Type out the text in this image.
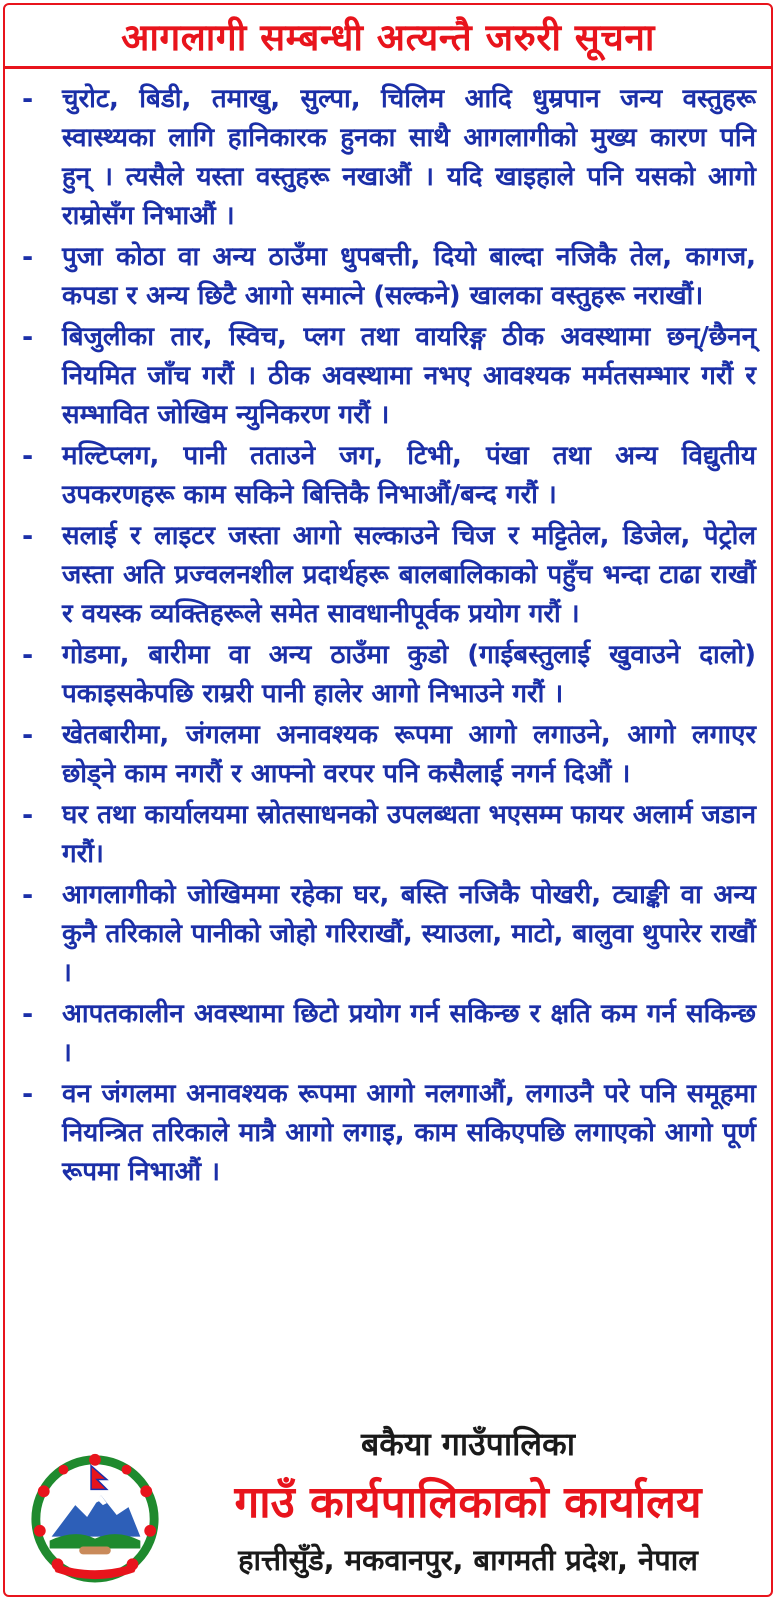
आगलागी सम्बन्धी अत्यन्तै जरुरी सूचना
-	चुरोट, बिडी, तमाखु, सुल्पा, चिलिम आदि धुम्रपान जन्य वस्तुहरू स्वास्थ्यका लागि हानिकारक हुनका साथै आगलागीको मुख्य कारण पनि हुन् । त्यसैले यस्ता वस्तुहरू नखाऔं । यदि खाइहाले पनि यसको आगो राम्रोसँग निभाऔं ।
-	पुजा कोठा वा अन्य ठाउँमा धुपबत्ती, दियो बाल्दा नजिकै तेल, कागज, कपडा र अन्य छिटै आगो समात्ने (सल्कने) खालका वस्तुहरू नराखौं।
-	बिजुलीका तार, स्विच, प्लग तथा वायरिङ्ग ठीक अवस्थामा छन्/छैनन् नियमित जाँच गरौं । ठीक अवस्थामा नभए आवश्यक मर्मतसम्भार गरौं र सम्भावित जोखिम न्युनिकरण गरौं ।
-	मल्टिप्लग, पानी तताउने जग, टिभी, पंखा तथा अन्य विद्युतीय उपकरणहरू काम सकिने बित्तिकै निभाऔं/बन्द गरौं ।
-	सलाई र लाइटर जस्ता आगो सल्काउने चिज र मट्टितेल, डिजेल, पेट्रोल जस्ता अति प्रज्वलनशील प्रदार्थहरू बालबालिकाको पहुँच भन्दा टाढा राखौं र वयस्क व्यक्तिहरूले समेत सावधानीपूर्वक प्रयोग गरौं ।
-	गोडमा, बारीमा वा अन्य ठाउँमा कुडो (गाईबस्तुलाई खुवाउने दालो) पकाइसकेपछि राम्ररी पानी हालेर आगो निभाउने गरौं ।
-	खेतबारीमा, जंगलमा अनावश्यक रूपमा आगो लगाउने, आगो लगाएर छोड्ने काम नगरौं र आफ्नो वरपर पनि कसैलाई नगर्न दिऔं ।
-	घर तथा कार्यालयमा स्रोतसाधनको उपलब्धता भएसम्म फायर अलार्म जडान गरौं।
-	आगलागीको जोखिममा रहेका घर, बस्ति नजिकै पोखरी, ट्याङ्की वा अन्य कुनै तरिकाले पानीको जोहो गरिराखौं, स्याउला, माटो, बालुवा थुपारेर राखौं ।
-	आपतकालीन अवस्थामा छिटो प्रयोग गर्न सकिन्छ र क्षति कम गर्न सकिन्छ ।
-	वन जंगलमा अनावश्यक रूपमा आगो नलगाऔं, लगाउनै परे पनि समूहमा नियन्त्रित तरिकाले मात्रै आगो लगाइ, काम सकिएपछि लगाएको आगो पूर्ण रूपमा निभाऔं ।
बकैया गाउँपालिका
गाउँ कार्यपालिकाको कार्यालय
हात्तीसुँडे, मकवानपुर, बागमती प्रदेश, नेपाल
